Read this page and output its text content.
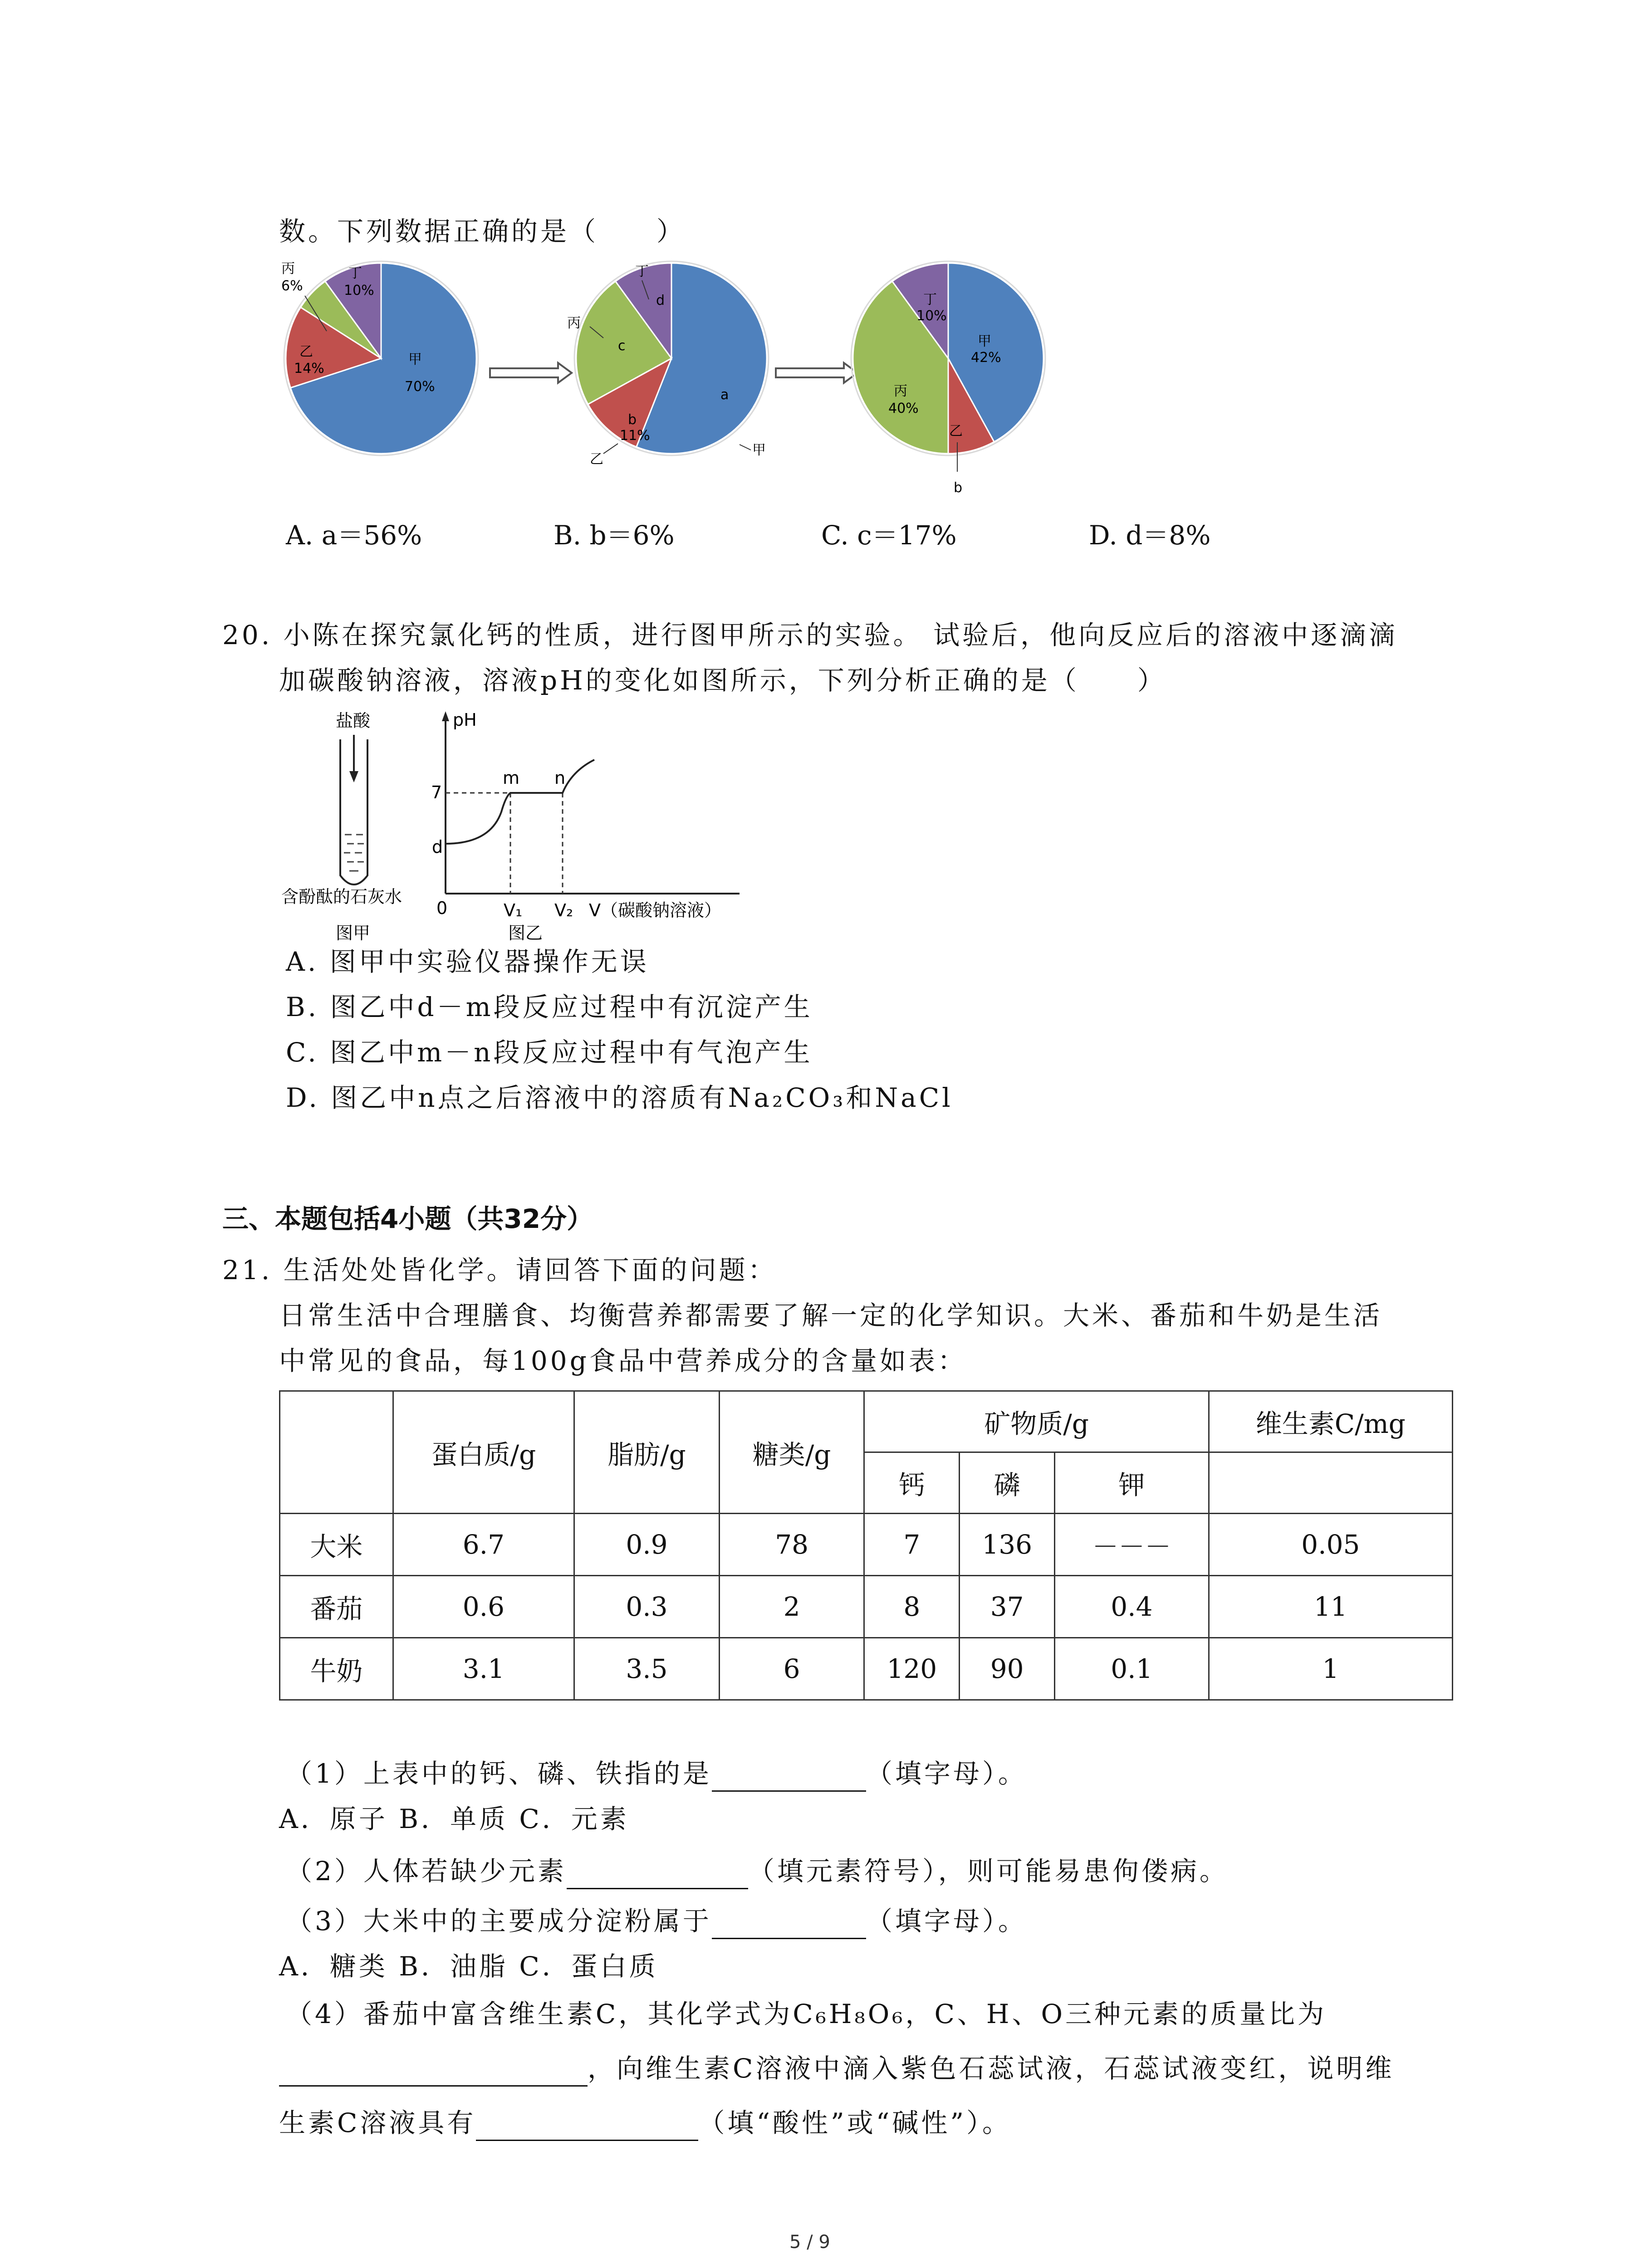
数。下列数据正确的是（　　）
丙
6%
丁
10%
乙
14%
甲
70%
丁
d
丙
c
a
甲
b
11%
乙
丁
10%
甲
42%
丙
40%
乙
b
A. a＝56%	B. b＝6%	C. c＝17%	D. d＝8%
20. 小陈在探究氯化钙的性质，进行图甲所示的实验。 试验后，他向反应后的溶液中逐滴滴
加碳酸钠溶液，溶液pH的变化如图所示，下列分析正确的是（　　）
盐酸
含酚酞的石灰水
图甲
pH
7
d
0
m n
V₁ V₂ V（碳酸钠溶液）
图乙
A. 图甲中实验仪器操作无误
B. 图乙中d－m段反应过程中有沉淀产生
C. 图乙中m－n段反应过程中有气泡产生
D. 图乙中n点之后溶液中的溶质有Na₂CO₃和NaCl
三、本题包括4小题（共32分）
21. 生活处处皆化学。请回答下面的问题：
日常生活中合理膳食、均衡营养都需要了解一定的化学知识。大米、番茄和牛奶是生活
中常见的食品，每100g食品中营养成分的含量如表：
	蛋白质/g	脂肪/g	糖类/g	矿物质/g			维生素C/mg
				钙	磷	钾	
大米	6.7	0.9	78	7	136	－－－	0.05
番茄	0.6	0.3	2	8	37	0.4	11
牛奶	3.1	3.5	6	120	90	0.1	1
（1）上表中的钙、磷、铁指的是	（填字母）。
A．原子 B．单质 C．元素
（2）人体若缺少元素	（填元素符号），则可能易患佝偻病。
（3）大米中的主要成分淀粉属于	（填字母）。
A．糖类 B．油脂 C．蛋白质
（4）番茄中富含维生素C，其化学式为C₆H₈O₆，C、H、O三种元素的质量比为
，向维生素C溶液中滴入紫色石蕊试液，石蕊试液变红，说明维
生素C溶液具有	（填“酸性”或“碱性”）。
5 / 9
